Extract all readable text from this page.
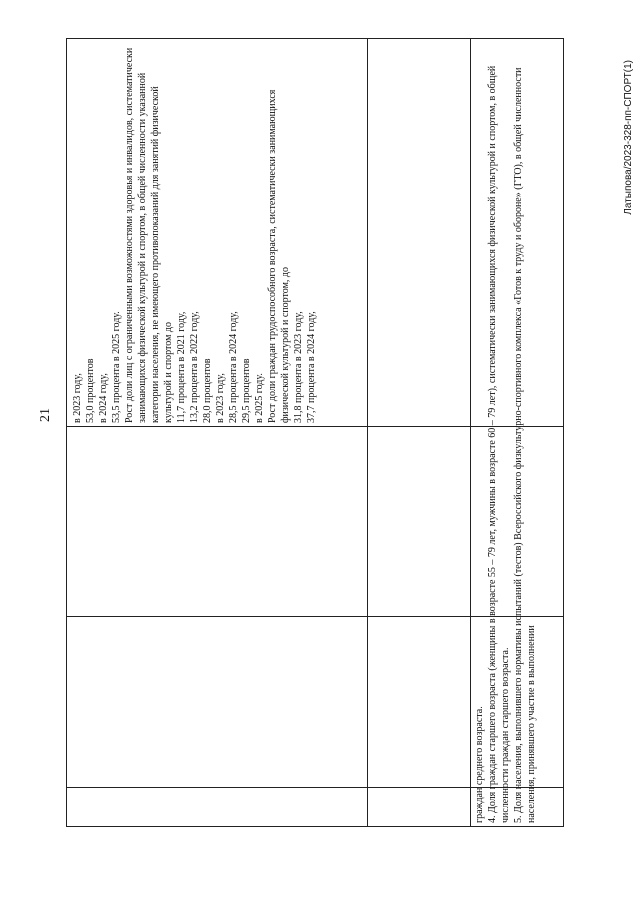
21
Латыпова/2023-328-пп-СПОРТ(1)
в 2023 году,
53,0 процентов
в 2024 году,
53,5 процента в 2025 году.
Рост доли лиц с ограниченными возможностями здоровья и инвалидов, систематически занимающихся физической культурой и спортом, в общей численности указанной категории населения, не имеющего противопоказаний для занятий физической культурой и спортом до
11,7 процента в 2021 году,
13,2 процента в 2022 году,
28,0 процентов
в 2023 году,
28,5 процента в 2024 году,
29,5 процентов
в 2025 году.
Рост доли граждан трудоспособного возраста, систематически занимающихся физической культурой и спортом, до
31,8 процента в 2023 году,
37,7 процента в 2024 году,
граждан среднего возраста.
4. Доля граждан старшего возраста (женщины в возрасте 55 – 79 лет, мужчины в возрасте 60 – 79 лет), систематически занимающихся физической культурой и спортом, в общей численности граждан старшего возраста.
5. Доля населения, выполнившего нормативы испытаний (тестов) Всероссийского физкультурно-спортивного комплекса «Готов к труду и обороне» (ГТО), в общей численности населения, принявшего участие в выполнении
